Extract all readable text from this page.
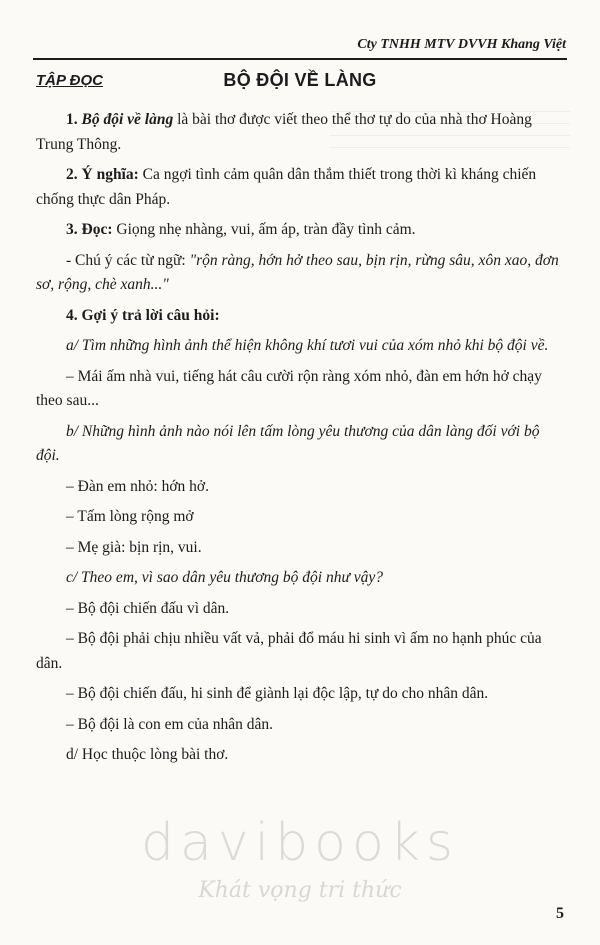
Cty TNHH MTV DVVH Khang Việt
TẬP ĐỌC	BỘ ĐỘI VỀ LÀNG

1. Bộ đội về làng là bài thơ được viết theo thể thơ tự do của nhà thơ Hoàng Trung Thông.

2. Ý nghĩa: Ca ngợi tình cảm quân dân thắm thiết trong thời kì kháng chiến chống thực dân Pháp.

3. Đọc: Giọng nhẹ nhàng, vui, ấm áp, tràn đầy tình cảm.

- Chú ý các từ ngữ: "rộn ràng, hớn hở theo sau, bịn rịn, rừng sâu, xôn xao, đơn sơ, rộng, chè xanh..."

4. Gợi ý trả lời câu hỏi:

a/ Tìm những hình ảnh thể hiện không khí tươi vui của xóm nhỏ khi bộ đội về.

– Mái ấm nhà vui, tiếng hát câu cười rộn ràng xóm nhỏ, đàn em hớn hở chạy theo sau...

b/ Những hình ảnh nào nói lên tấm lòng yêu thương của dân làng đối với bộ đội.

– Đàn em nhỏ: hớn hở.

– Tấm lòng rộng mở

– Mẹ già: bịn rịn, vui.

c/ Theo em, vì sao dân yêu thương bộ đội như vậy?

– Bộ đội chiến đấu vì dân.

– Bộ đội phải chịu nhiều vất vả, phải đổ máu hi sinh vì ấm no hạnh phúc của dân.

– Bộ đội chiến đấu, hi sinh để giành lại độc lập, tự do cho nhân dân.

– Bộ đội là con em của nhân dân.

d/ Học thuộc lòng bài thơ.

davibooks
Khát vọng tri thức
5
